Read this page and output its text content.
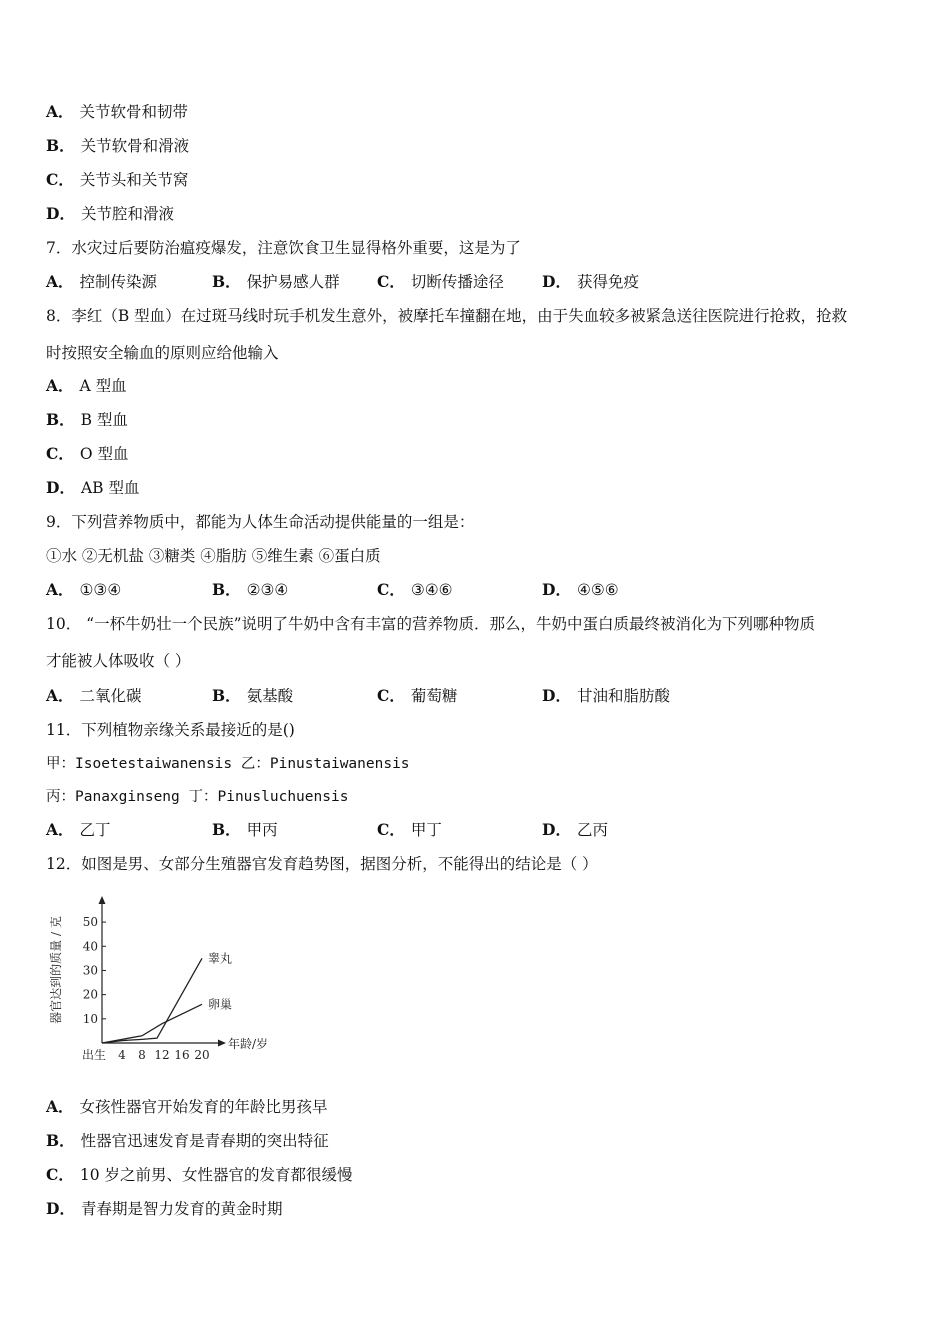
A． 关节软骨和韧带
B． 关节软骨和滑液
C． 关节头和关节窝
D． 关节腔和滑液
7．水灾过后要防治瘟疫爆发，注意饮食卫生显得格外重要，这是为了
A． 控制传染源	B． 保护易感人群 C． 切断传播途径 D． 获得免疫
8．李红（B 型血）在过斑马线时玩手机发生意外，被摩托车撞翻在地，由于失血较多被紧急送往医院进行抢救，抢救
时按照安全输血的原则应给他输入
A． A 型血
B． B 型血
C． O 型血
D． AB 型血
9．下列营养物质中，都能为人体生命活动提供能量的一组是：
①水 ②无机盐 ③糖类 ④脂肪 ⑤维生素 ⑥蛋白质
A． ①③④	B． ②③④	C． ③④⑥	D． ④⑤⑥
10． “一杯牛奶壮一个民族”说明了牛奶中含有丰富的营养物质．那么，牛奶中蛋白质最终被消化为下列哪种物质
才能被人体吸收（ ）
A． 二氧化碳	B． 氨基酸	C． 葡萄糖	D． 甘油和脂肪酸
11．下列植物亲缘关系最接近的是()
甲：Isoetestaiwanensis 乙：Pinustaiwanensis
丙：Panaxginseng 丁：Pinusluchuensis
A． 乙丁	B． 甲丙	C． 甲丁	D． 乙丙
12．如图是男、女部分生殖器官发育趋势图，据图分析，不能得出的结论是（ ）
器官达到的质量 / 克 10
20
30
40
50
出生 4 8 12 16 20
年龄/岁
睾丸
卵巢
A． 女孩性器官开始发育的年龄比男孩早
B． 性器官迅速发育是青春期的突出特征
C． 10 岁之前男、女性器官的发育都很缓慢
D． 青春期是智力发育的黄金时期
